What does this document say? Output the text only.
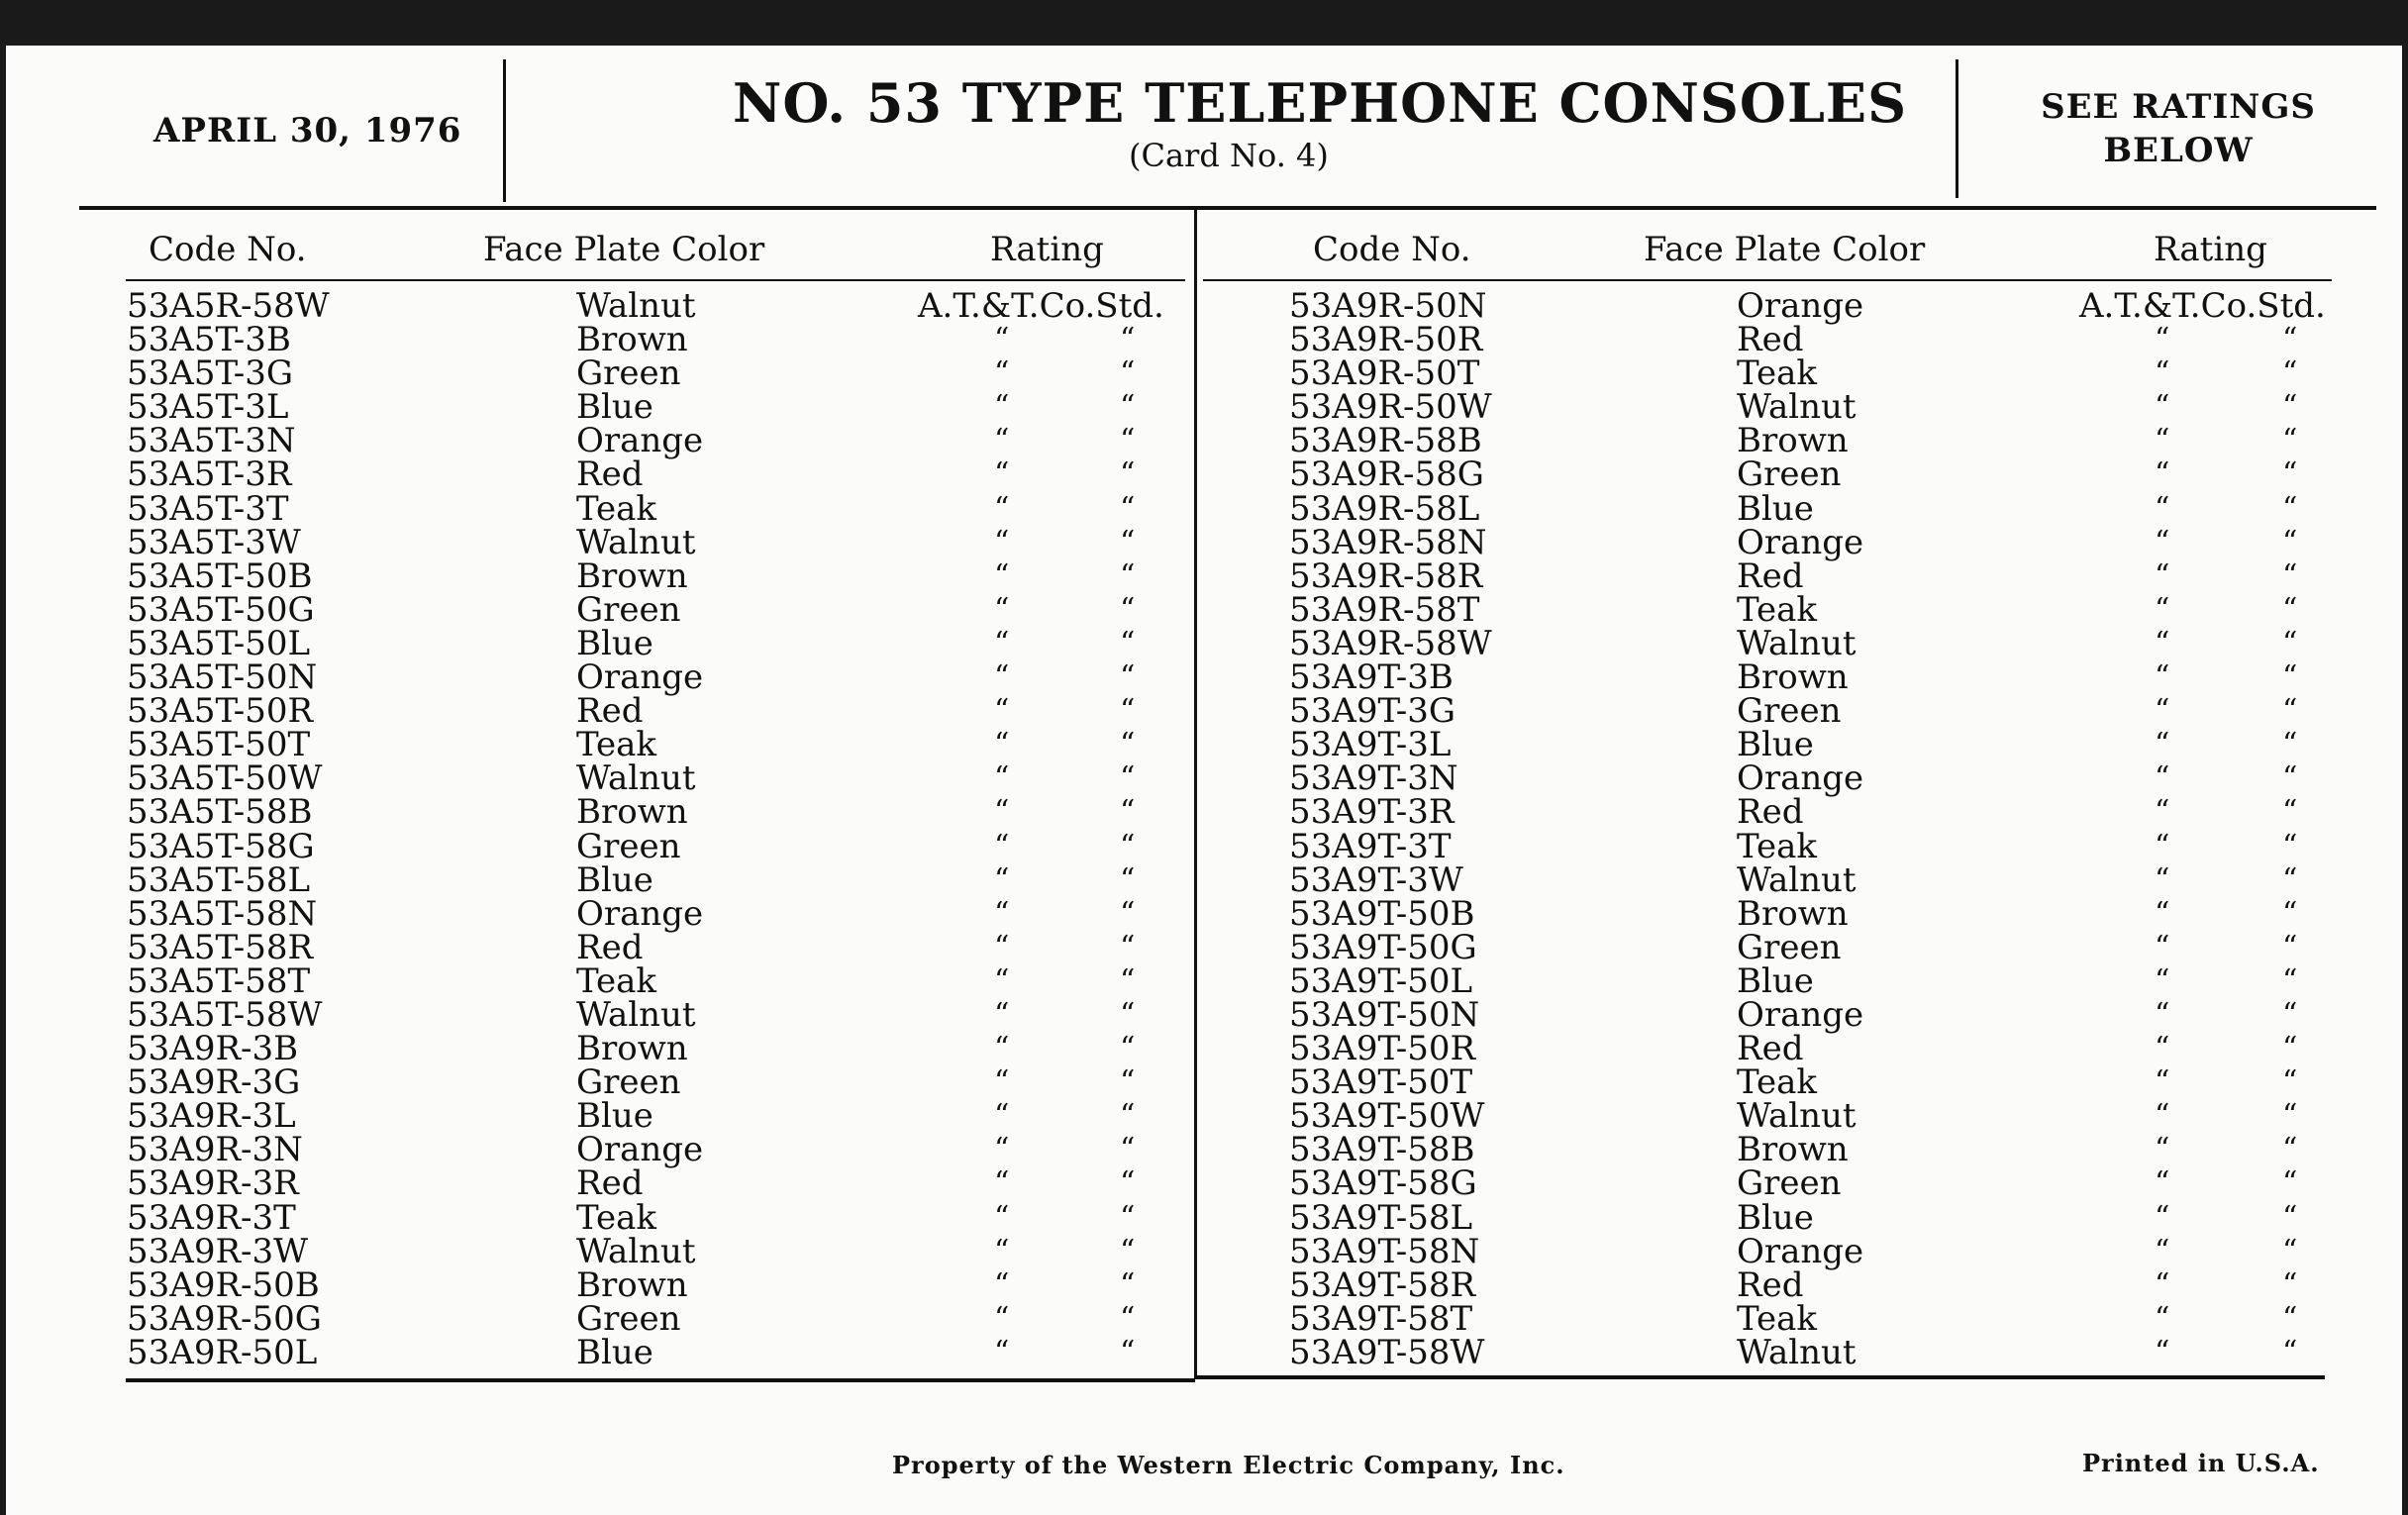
APRIL 30, 1976	NO. 53 TYPE TELEPHONE CONSOLES
(Card No. 4)
SEE RATINGS
BELOW
Code No.	Face Plate Color	Rating	Code No.	Face Plate Color	Rating
53A5R-58W	Walnut	A.T.&T.Co.Std.
53A5T-3B	Brown	“	“
53A5T-3G	Green	“	“
53A5T-3L	Blue	“	“
53A5T-3N	Orange	“	“
53A5T-3R	Red	“	“
53A5T-3T	Teak	“	“
53A5T-3W	Walnut	“	“
53A5T-50B	Brown	“	“
53A5T-50G	Green	“	“
53A5T-50L	Blue	“	“
53A5T-50N	Orange	“	“
53A5T-50R	Red	“	“
53A5T-50T	Teak	“	“
53A5T-50W	Walnut	“	“
53A5T-58B	Brown	“	“
53A5T-58G	Green	“	“
53A5T-58L	Blue	“	“
53A5T-58N	Orange	“	“
53A5T-58R	Red	“	“
53A5T-58T	Teak	“	“
53A5T-58W	Walnut	“	“
53A9R-3B	Brown	“	“
53A9R-3G	Green	“	“
53A9R-3L	Blue	“	“
53A9R-3N	Orange	“	“
53A9R-3R	Red	“	“
53A9R-3T	Teak	“	“
53A9R-3W	Walnut	“	“
53A9R-50B	Brown	“	“
53A9R-50G	Green	“	“
53A9R-50L	Blue	“	“
53A9R-50N	Orange	A.T.&T.Co.Std.
53A9R-50R	Red	“	“
53A9R-50T	Teak	“	“
53A9R-50W	Walnut	“	“
53A9R-58B	Brown	“	“
53A9R-58G	Green	“	“
53A9R-58L	Blue	“	“
53A9R-58N	Orange	“	“
53A9R-58R	Red	“	“
53A9R-58T	Teak	“	“
53A9R-58W	Walnut	“	“
53A9T-3B	Brown	“	“
53A9T-3G	Green	“	“
53A9T-3L	Blue	“	“
53A9T-3N	Orange	“	“
53A9T-3R	Red	“	“
53A9T-3T	Teak	“	“
53A9T-3W	Walnut	“	“
53A9T-50B	Brown	“	“
53A9T-50G	Green	“	“
53A9T-50L	Blue	“	“
53A9T-50N	Orange	“	“
53A9T-50R	Red	“	“
53A9T-50T	Teak	“	“
53A9T-50W	Walnut	“	“
53A9T-58B	Brown	“	“
53A9T-58G	Green	“	“
53A9T-58L	Blue	“	“
53A9T-58N	Orange	“	“
53A9T-58R	Red	“	“
53A9T-58T	Teak	“	“
53A9T-58W	Walnut	“	“
Property of the Western Electric Company, Inc.	Printed in U.S.A.
